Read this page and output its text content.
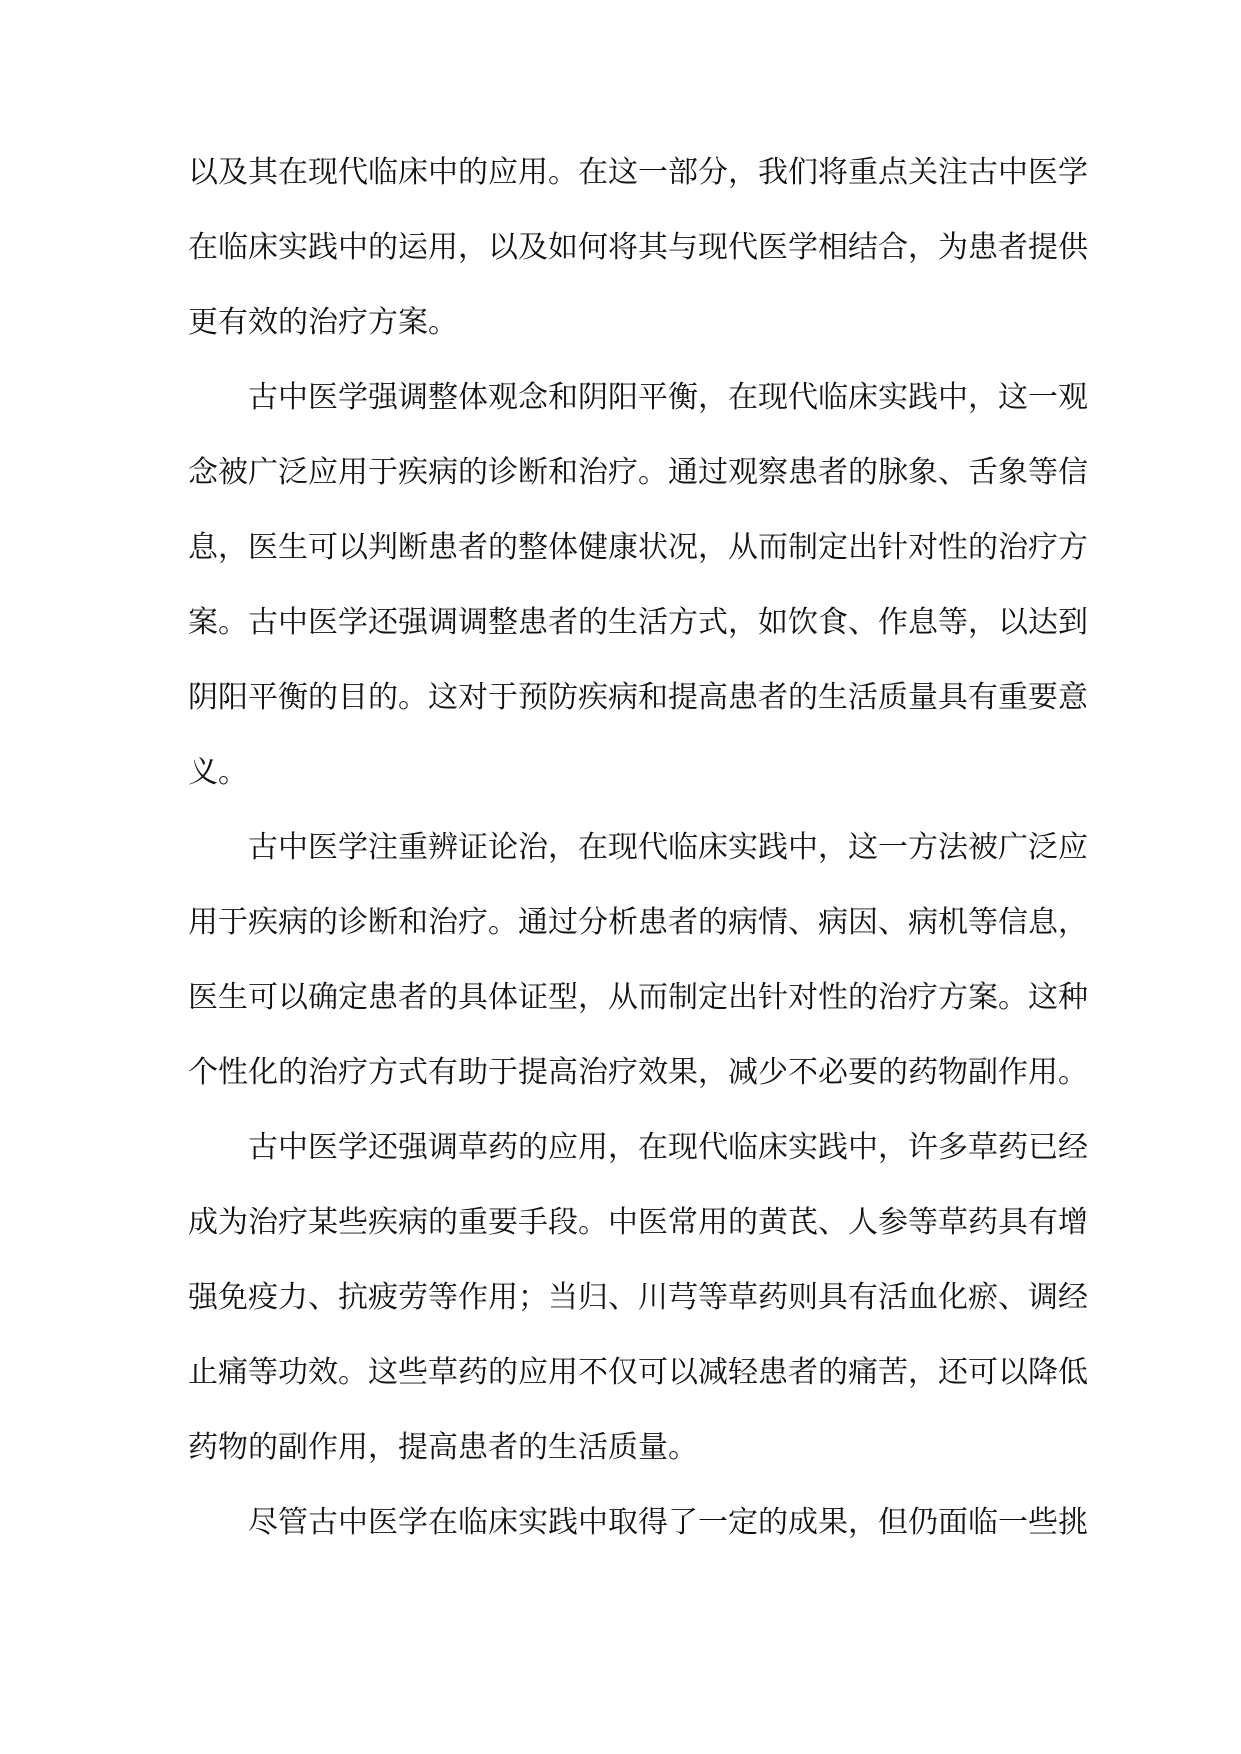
以及其在现代临床中的应用。在这一部分，我们将重点关注古中医学
在临床实践中的运用，以及如何将其与现代医学相结合，为患者提供
更有效的治疗方案。
古中医学强调整体观念和阴阳平衡，在现代临床实践中，这一观
念被广泛应用于疾病的诊断和治疗。通过观察患者的脉象、舌象等信
息，医生可以判断患者的整体健康状况，从而制定出针对性的治疗方
案。古中医学还强调调整患者的生活方式，如饮食、作息等，以达到
阴阳平衡的目的。这对于预防疾病和提高患者的生活质量具有重要意
义。
古中医学注重辨证论治，在现代临床实践中，这一方法被广泛应
用于疾病的诊断和治疗。通过分析患者的病情、病因、病机等信息，
医生可以确定患者的具体证型，从而制定出针对性的治疗方案。这种
个性化的治疗方式有助于提高治疗效果，减少不必要的药物副作用。
古中医学还强调草药的应用，在现代临床实践中，许多草药已经
成为治疗某些疾病的重要手段。中医常用的黄芪、人参等草药具有增
强免疫力、抗疲劳等作用；当归、川芎等草药则具有活血化瘀、调经
止痛等功效。这些草药的应用不仅可以减轻患者的痛苦，还可以降低
药物的副作用，提高患者的生活质量。
尽管古中医学在临床实践中取得了一定的成果，但仍面临一些挑
